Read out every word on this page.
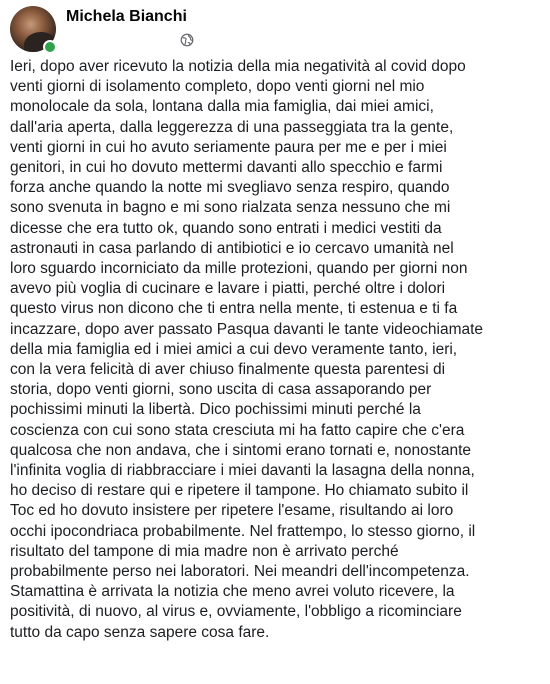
Michela Bianchi
Ieri, dopo aver ricevuto la notizia della mia negatività al covid dopo
venti giorni di isolamento completo, dopo venti giorni nel mio
monolocale da sola, lontana dalla mia famiglia, dai miei amici,
dall'aria aperta, dalla leggerezza di una passeggiata tra la gente,
venti giorni in cui ho avuto seriamente paura per me e per i miei
genitori, in cui ho dovuto mettermi davanti allo specchio e farmi
forza anche quando la notte mi svegliavo senza respiro, quando
sono svenuta in bagno e mi sono rialzata senza nessuno che mi
dicesse che era tutto ok, quando sono entrati i medici vestiti da
astronauti in casa parlando di antibiotici e io cercavo umanità nel
loro sguardo incorniciato da mille protezioni, quando per giorni non
avevo più voglia di cucinare e lavare i piatti, perché oltre i dolori
questo virus non dicono che ti entra nella mente, ti estenua e ti fa
incazzare, dopo aver passato Pasqua davanti le tante videochiamate
della mia famiglia ed i miei amici a cui devo veramente tanto, ieri,
con la vera felicità di aver chiuso finalmente questa parentesi di
storia, dopo venti giorni, sono uscita di casa assaporando per
pochissimi minuti la libertà. Dico pochissimi minuti perché la
coscienza con cui sono stata cresciuta mi ha fatto capire che c'era
qualcosa che non andava, che i sintomi erano tornati e, nonostante
l'infinita voglia di riabbracciare i miei davanti la lasagna della nonna,
ho deciso di restare qui e ripetere il tampone. Ho chiamato subito il
Toc ed ho dovuto insistere per ripetere l'esame, risultando ai loro
occhi ipocondriaca probabilmente. Nel frattempo, lo stesso giorno, il
risultato del tampone di mia madre non è arrivato perché
probabilmente perso nei laboratori. Nei meandri dell'incompetenza.
Stamattina è arrivata la notizia che meno avrei voluto ricevere, la
positività, di nuovo, al virus e, ovviamente, l'obbligo a ricominciare
tutto da capo senza sapere cosa fare.
